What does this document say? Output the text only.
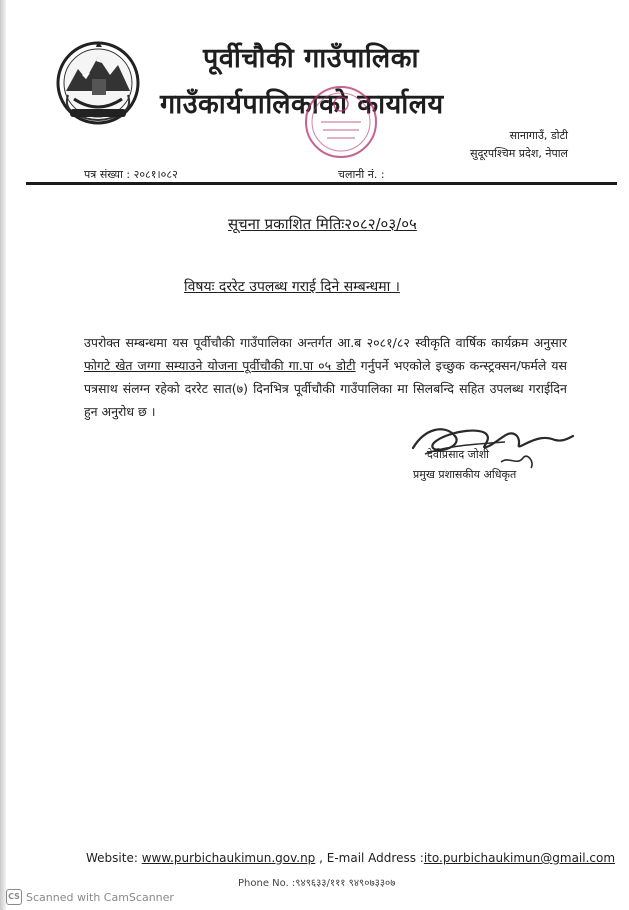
पूर्वीचौकी गाउँपालिका
गाउँकार्यपालिकाको कार्यालय
सानागाउँ, डोटी
सुदूरपश्चिम प्रदेश, नेपाल
पत्र संख्या : २०८१।०८२	चलानी नं. :
सूचना प्रकाशित मितिः२०८२/०३/०५
विषयः दररेट उपलब्ध गराई दिने सम्बन्धमा ।
उपरोक्त सम्बन्धमा यस पूर्वीचौकी गाउँपालिका अन्तर्गत आ.ब २०८१/८२ स्वीकृति वार्षिक कार्यक्रम अनुसार फोगटे खेत जग्गा सम्याउने योजना पूर्वीचौकी गा.पा ०५ डोटी गर्नुपर्ने भएकोले इच्छुक कन्स्ट्रक्सन/फर्मले यस पत्रसाथ संलग्न रहेको दररेट सात(७) दिनभित्र पूर्वीचौकी गाउँपालिका मा सिलबन्दि सहित उपलब्ध गराईदिन हुन अनुरोध छ ।
देवीप्रसाद जोशी
प्रमुख प्रशासकीय अधिकृत
Website: www.purbichaukimun.gov.np , E-mail Address :ito.purbichaukimun@gmail.com
Phone No. :९४९६३३/१११ ९४९०७३३०७
CS Scanned with CamScanner
